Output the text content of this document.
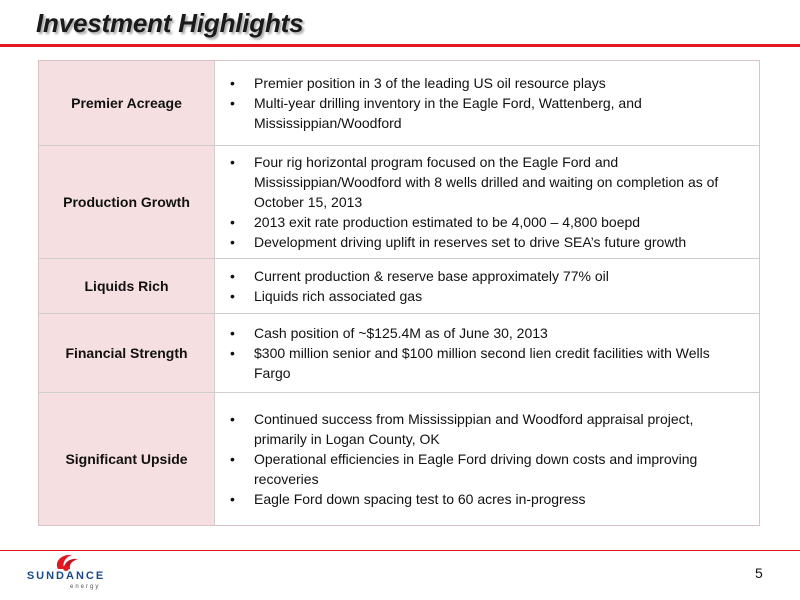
Investment Highlights
Premier Acreage
•	Premier position in 3 of the leading US oil resource plays
•	Multi-year drilling inventory in the Eagle Ford, Wattenberg, and Mississippian/Woodford
Production Growth
•	Four rig horizontal program focused on the Eagle Ford and Mississippian/Woodford with 8 wells drilled and waiting on completion as of October 15, 2013
•	2013 exit rate production estimated to be 4,000 – 4,800 boepd
•	Development driving uplift in reserves set to drive SEA’s future growth
Liquids Rich
•	Current production & reserve base approximately 77% oil
•	Liquids rich associated gas
Financial Strength
•	Cash position of ~$125.4M as of June 30, 2013
•	$300 million senior and $100 million second lien credit facilities with Wells Fargo
Significant Upside
•	Continued success from Mississippian and Woodford appraisal project, primarily in Logan County, OK
•	Operational efficiencies in Eagle Ford driving down costs and improving recoveries
•	Eagle Ford down spacing test to 60 acres in-progress
SUNDANCE
energy
5
